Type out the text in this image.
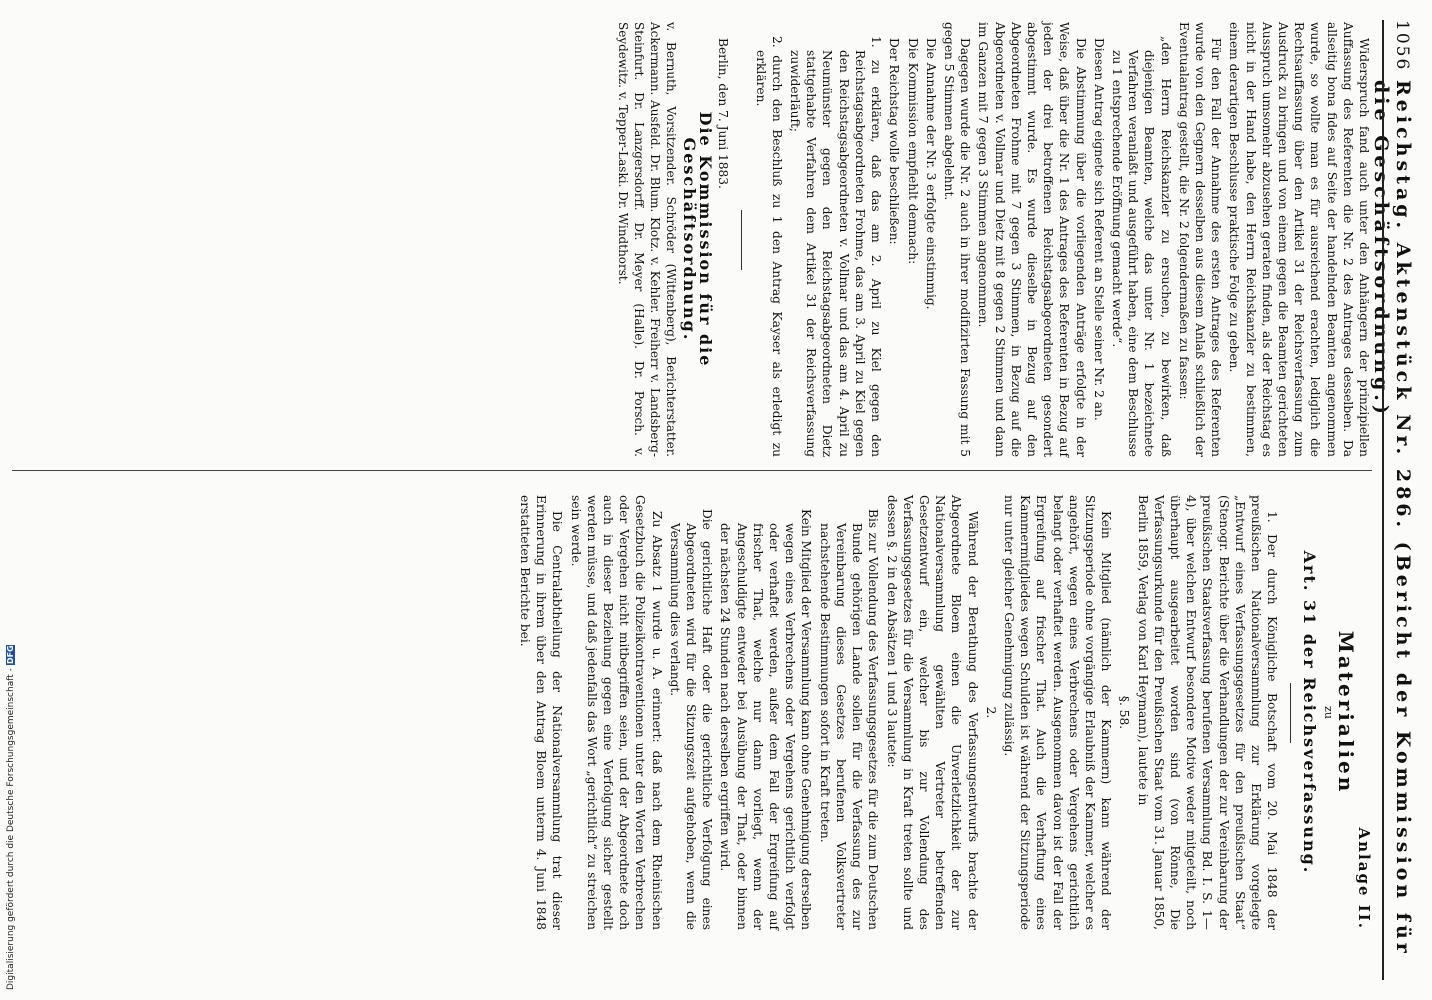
1056
Reichstag. Aktenstück Nr. 286. (Bericht der Kommission für die Geschäftsordnung.)

Widerspruch fand auch unter den Anhängern der prinzipiellen Auffassung des Referenten die Nr. 2 des Antrages desselben. Da allseitig bona fides auf Seite der handelnden Beamten angenommen wurde, so wollte man es für ausreichend erachten, lediglich die Rechtsauffassung über den Artikel 31 der Reichsverfassung zum Ausdruck zu bringen und von einem gegen die Beamten gerichteten Ausspruch umsomehr abzusehen geraten finden, als der Reichstag es nicht in der Hand habe, den Herrn Reichskanzler zu bestimmen, einem derartigen Beschlusse praktische Folge zu geben.

Für den Fall der Annahme des ersten Antrages des Referenten wurde von den Gegnern desselben aus diesem Anlaß schließlich der Eventualantrag gestellt, die Nr. 2 folgendermaßen zu fassen:

„den Herrn Reichskanzler zu ersuchen, zu bewirken, daß diejenigen Beamten, welche das unter Nr. 1 bezeichnete Verfahren veranlaßt und ausgeführt haben, eine dem Beschlusse zu 1 entsprechende Eröffnung gemacht werde“.

Diesen Antrag eignete sich Referent an Stelle seiner Nr. 2 an.

Die Abstimmung über die vorliegenden Anträge erfolgte in der Weise, daß über die Nr. 1 des Antrages des Referenten in Bezug auf jeden der drei betroffenen Reichstagsabgeordneten gesondert abgestimmt wurde. Es wurde dieselbe in Bezug auf den Abgeordneten Frohme mit 7 gegen 3 Stimmen, in Bezug auf die Abgeordneten v. Vollmar und Dietz mit 8 gegen 2 Stimmen und dann im Ganzen mit 7 gegen 3 Stimmen angenommen.

Dagegen wurde die Nr. 2 auch in ihrer modifizirten Fassung mit 5 gegen 5 Stimmen abgelehnt.

Die Annahme der Nr. 3 erfolgte einstimmig.

Die Kommission empfiehlt demnach:

Der Reichstag wolle beschließen:

1. zu erklären, daß das am 2. April zu Kiel gegen den Reichstagsabgeordneten Frohme, das am 3. April zu Kiel gegen den Reichstagsabgeordneten v. Vollmar und das am 4. April zu Neumünster gegen den Reichstagsabgeordneten Dietz stattgehabte Verfahren dem Artikel 31 der Reichsverfassung zuwiderläuft;

2. durch den Beschluß zu 1 den Antrag Kayser als erledigt zu erklären.

Berlin, den 7. Juni 1883.

Die Kommission für die Geschäftsordnung.

v. Bernuth, Vorsitzender. Schröder (Wittenberg), Berichterstatter. Ackermann. Ausfeld. Dr. Blum. Klotz. v. Kehler. Freiherr v. Landsberg-Steinfurt. Dr. Lanzgersdorff. Dr. Meyer (Halle). Dr. Porsch. v. Seydewitz. v. Tepper-Laski. Dr. Windthorst.

Anlage II.

Materialien

zu

Art. 31 der Reichsverfassung.

1. Der durch Königliche Botschaft vom 20. Mai 1848 der preußischen Nationalversammlung zur Erklärung vorgelegte „Entwurf eines Verfassungsgesetzes für den preußischen Staat“ (Stenogr. Berichte über die Verhandlungen der zur Vereinbarung der preußischen Staatsverfassung berufenen Versammlung Bd. I. S. 1—4), über welchen Entwurf besondere Motive weder mitgeteilt, noch überhaupt ausgearbeitet worden sind (von Rönne, Die Verfassungsurkunde für den Preußischen Staat vom 31. Januar 1850, Berlin 1859, Verlag von Karl Heymann), lautete in

§. 58.

Kein Mitglied (nämlich der Kammern) kann während der Sitzungsperiode ohne vorgängige Erlaubniß der Kammer, welcher es angehört, wegen eines Verbrechens oder Vergehens gerichtlich belangt oder verhaftet werden. Ausgenommen davon ist der Fall der Ergreifung auf frischer That. Auch die Verhaftung eines Kammermitgliedes wegen Schulden ist während der Sitzungsperiode nur unter gleicher Genehmigung zulässig.

2.

Während der Berathung des Verfassungsentwurfs brachte der Abgeordnete Bloem einen die Unverletzlichkeit der zur Nationalversammlung gewählten Vertreter betreffenden Gesetzentwurf ein, welcher bis zur Vollendung des Verfassungsgesetzes für die Versammlung in Kraft treten sollte und dessen §. 2 in den Absätzen 1 und 3 lautete:

Bis zur Vollendung des Verfassungsgesetzes für die zum Deutschen Bunde gehörigen Lande sollen für die Verfassung des zur Vereinbarung dieses Gesetzes berufenen Volksvertreter nachstehende Bestimmungen sofort in Kraft treten.

Kein Mitglied der Versammlung kann ohne Genehmigung derselben wegen eines Verbrechens oder Vergehens gerichtlich verfolgt oder verhaftet werden, außer dem Fall der Ergreifung auf frischer That, welche nur dann vorliegt, wenn der Angeschuldigte entweder bei Ausübung der That, oder binnen der nächsten 24 Stunden nach derselben ergriffen wird.

Die gerichtliche Haft oder die gerichtliche Verfolgung eines Abgeordneten wird für die Sitzungszeit aufgehoben, wenn die Versammlung dies verlangt.

Zu Absatz 1 wurde u. A. erinnert: daß nach dem Rheinischen Gesetzbuch die Polizeikontraventionen unter den Worten Verbrechen oder Vergehen nicht mitbegriffen seien, und der Abgeordnete doch auch in dieser Beziehung gegen eine Verfolgung sicher gestellt werden müsse, und daß jedenfalls das Wort „gerichtlich“ zu streichen sein werde.

Die Centralabtheilung der Nationalversammlung trat dieser Erinnerung in ihrem über den Antrag Bloem unterm 4. Juni 1848 erstatteten Berichte bei.

Digitalisierung gefördert durch die Deutsche Forschungsgemeinschaft - DFG
